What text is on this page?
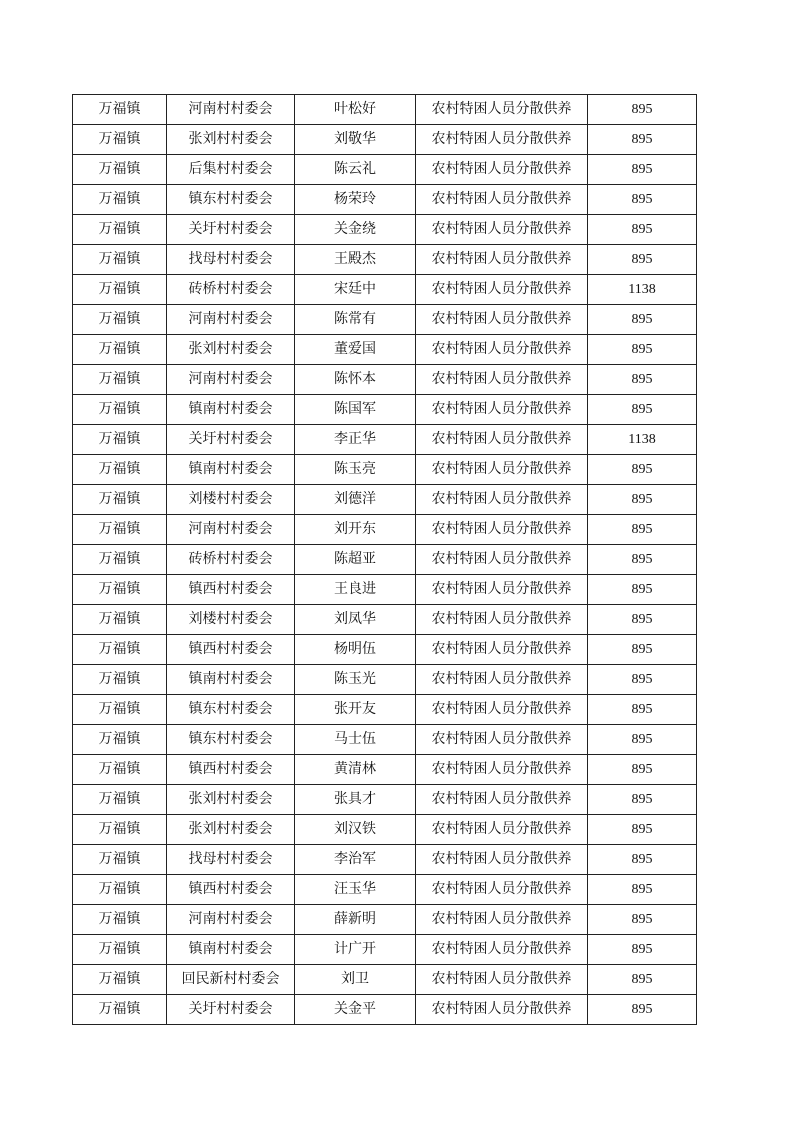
万福镇	河南村村委会	叶松好	农村特困人员分散供养	895
万福镇	张刘村村委会	刘敬华	农村特困人员分散供养	895
万福镇	后集村村委会	陈云礼	农村特困人员分散供养	895
万福镇	镇东村村委会	杨荣玲	农村特困人员分散供养	895
万福镇	关圩村村委会	关金绕	农村特困人员分散供养	895
万福镇	找母村村委会	王殿杰	农村特困人员分散供养	895
万福镇	砖桥村村委会	宋廷中	农村特困人员分散供养	1138
万福镇	河南村村委会	陈常有	农村特困人员分散供养	895
万福镇	张刘村村委会	董爱国	农村特困人员分散供养	895
万福镇	河南村村委会	陈怀本	农村特困人员分散供养	895
万福镇	镇南村村委会	陈国军	农村特困人员分散供养	895
万福镇	关圩村村委会	李正华	农村特困人员分散供养	1138
万福镇	镇南村村委会	陈玉亮	农村特困人员分散供养	895
万福镇	刘楼村村委会	刘德洋	农村特困人员分散供养	895
万福镇	河南村村委会	刘开东	农村特困人员分散供养	895
万福镇	砖桥村村委会	陈超亚	农村特困人员分散供养	895
万福镇	镇西村村委会	王良进	农村特困人员分散供养	895
万福镇	刘楼村村委会	刘凤华	农村特困人员分散供养	895
万福镇	镇西村村委会	杨明伍	农村特困人员分散供养	895
万福镇	镇南村村委会	陈玉光	农村特困人员分散供养	895
万福镇	镇东村村委会	张开友	农村特困人员分散供养	895
万福镇	镇东村村委会	马士伍	农村特困人员分散供养	895
万福镇	镇西村村委会	黄清林	农村特困人员分散供养	895
万福镇	张刘村村委会	张具才	农村特困人员分散供养	895
万福镇	张刘村村委会	刘汉铁	农村特困人员分散供养	895
万福镇	找母村村委会	李治军	农村特困人员分散供养	895
万福镇	镇西村村委会	汪玉华	农村特困人员分散供养	895
万福镇	河南村村委会	薛新明	农村特困人员分散供养	895
万福镇	镇南村村委会	计广开	农村特困人员分散供养	895
万福镇	回民新村村委会	刘卫	农村特困人员分散供养	895
万福镇	关圩村村委会	关金平	农村特困人员分散供养	895
